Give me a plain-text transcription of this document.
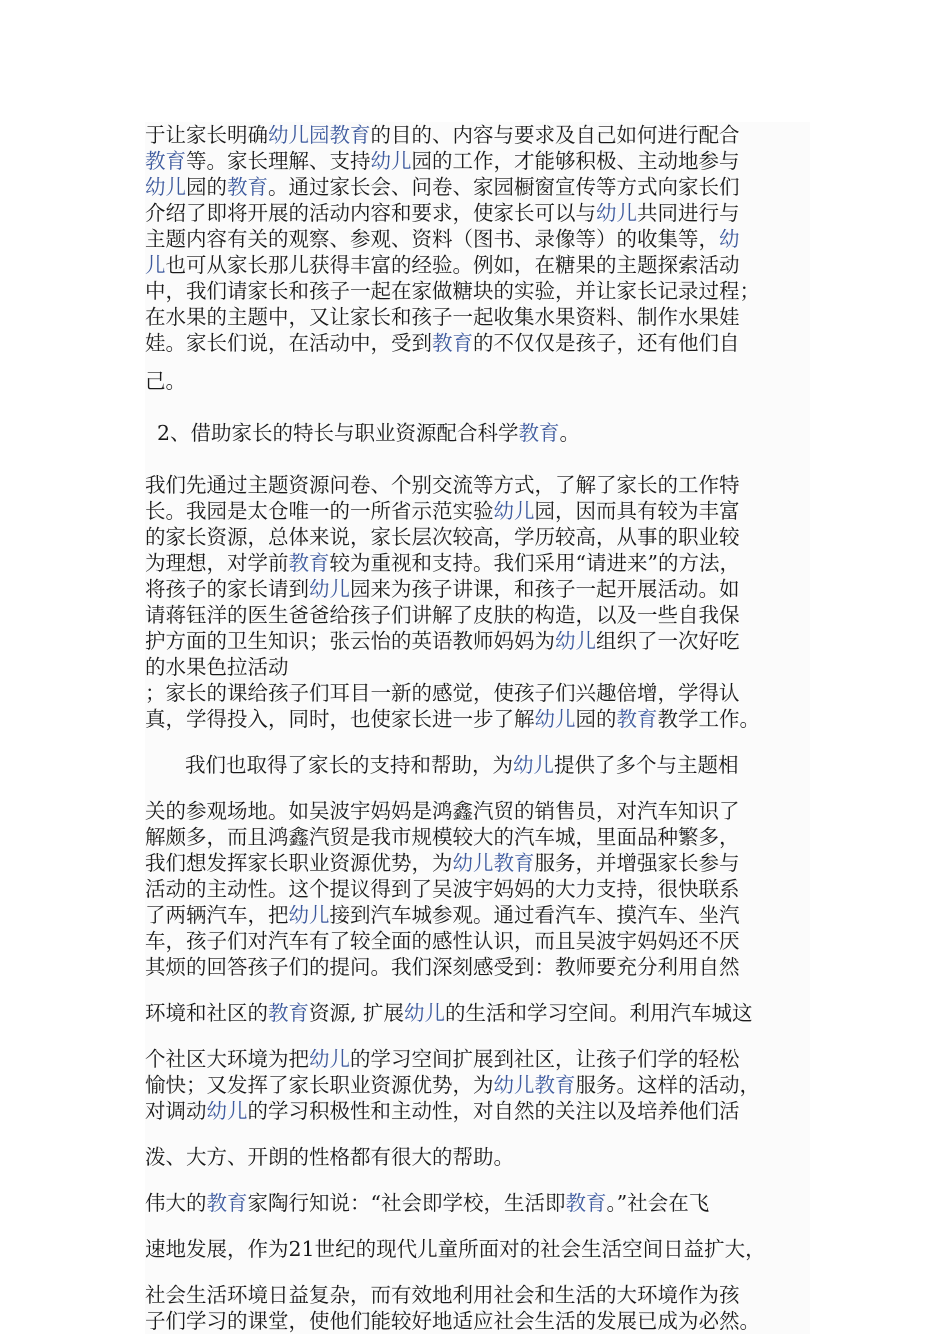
于让家长明确幼儿园教育的目的、内容与要求及自己如何进行配合
教育等。家长理解、支持幼儿园的工作，才能够积极、主动地参与
幼儿园的教育。通过家长会、问卷、家园橱窗宣传等方式向家长们
介绍了即将开展的活动内容和要求，使家长可以与幼儿共同进行与
主题内容有关的观察、参观、资料（图书、录像等）的收集等，幼
儿也可从家长那儿获得丰富的经验。例如，在糖果的主题探索活动
中，我们请家长和孩子一起在家做糖块的实验，并让家长记录过程；
在水果的主题中，又让家长和孩子一起收集水果资料、制作水果娃
娃。家长们说，在活动中，受到教育的不仅仅是孩子，还有他们自
己。
2、借助家长的特长与职业资源配合科学教育。
我们先通过主题资源问卷、个别交流等方式，了解了家长的工作特
长。我园是太仓唯一的一所省示范实验幼儿园，因而具有较为丰富
的家长资源，总体来说，家长层次较高，学历较高，从事的职业较
为理想，对学前教育较为重视和支持。我们采用“请进来”的方法，
将孩子的家长请到幼儿园来为孩子讲课，和孩子一起开展活动。如
请蒋钰洋的医生爸爸给孩子们讲解了皮肤的构造，以及一些自我保
护方面的卫生知识；张云怡的英语教师妈妈为幼儿组织了一次好吃
的水果色拉活动
；家长的课给孩子们耳目一新的感觉，使孩子们兴趣倍增，学得认
真，学得投入，同时，也使家长进一步了解幼儿园的教育教学工作。
我们也取得了家长的支持和帮助，为幼儿提供了多个与主题相
关的参观场地。如吴波宇妈妈是鸿鑫汽贸的销售员，对汽车知识了
解颇多，而且鸿鑫汽贸是我市规模较大的汽车城，里面品种繁多，
我们想发挥家长职业资源优势，为幼儿教育服务，并增强家长参与
活动的主动性。这个提议得到了吴波宇妈妈的大力支持，很快联系
了两辆汽车，把幼儿接到汽车城参观。通过看汽车、摸汽车、坐汽
车，孩子们对汽车有了较全面的感性认识，而且吴波宇妈妈还不厌
其烦的回答孩子们的提问。我们深刻感受到：教师要充分利用自然
环境和社区的教育资源, 扩展幼儿的生活和学习空间。利用汽车城这
个社区大环境为把幼儿的学习空间扩展到社区，让孩子们学的轻松
愉快；又发挥了家长职业资源优势，为幼儿教育服务。这样的活动，
对调动幼儿的学习积极性和主动性，对自然的关注以及培养他们活
泼、大方、开朗的性格都有很大的帮助。
伟大的教育家陶行知说：“社会即学校，生活即教育。”社会在飞
速地发展，作为21世纪的现代儿童所面对的社会生活空间日益扩大，
社会生活环境日益复杂，而有效地利用社会和生活的大环境作为孩
子们学习的课堂，使他们能较好地适应社会生活的发展已成为必然。
